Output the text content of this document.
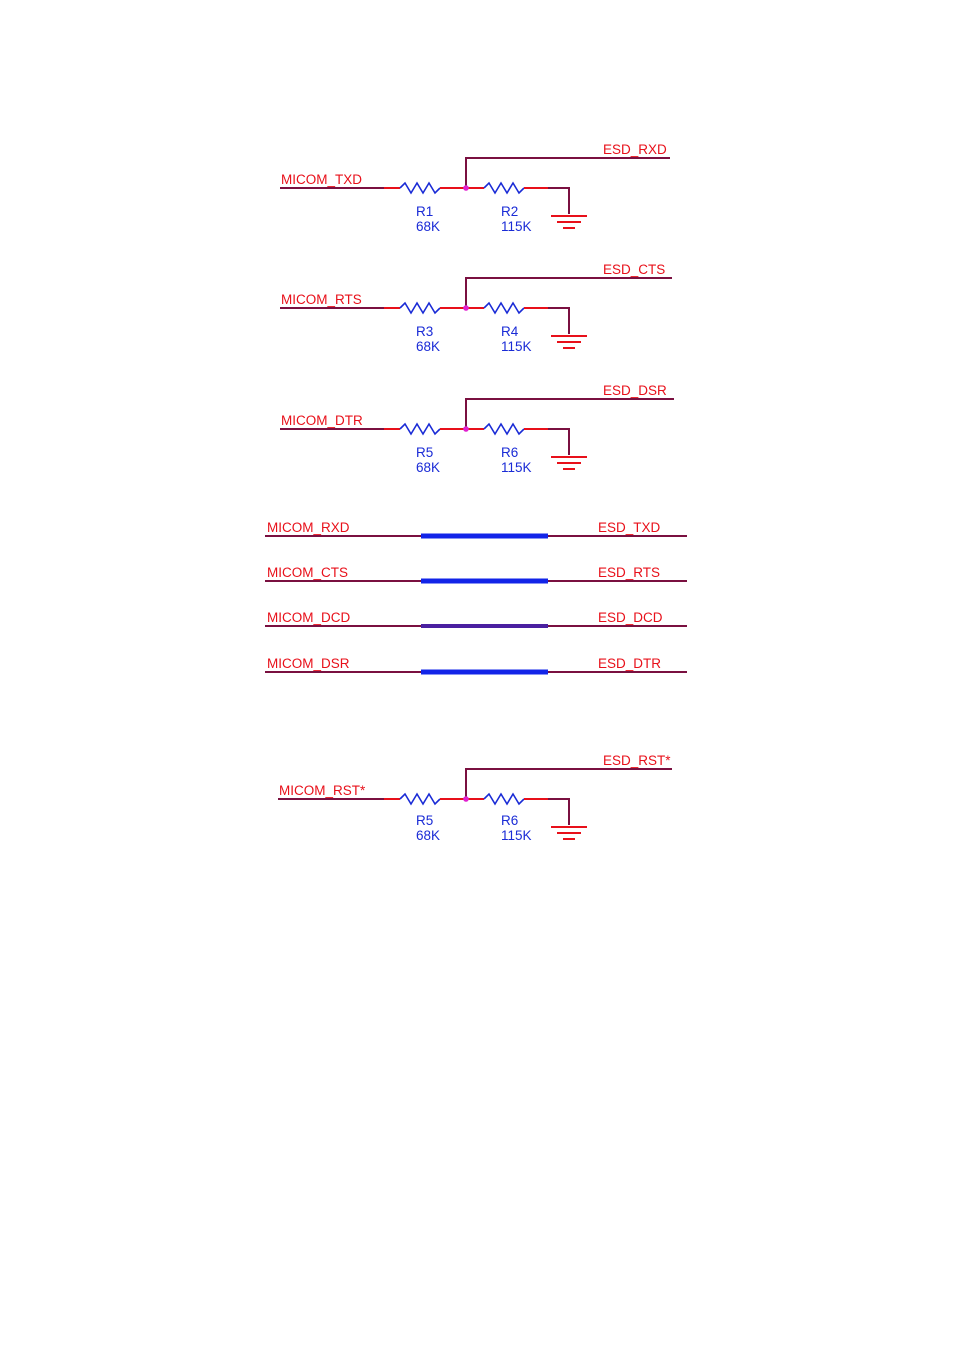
MICOM_TXD
ESD_RXD
R1
68K
R2
115K
MICOM_RTS
ESD_CTS
R3
68K
R4
115K
MICOM_DTR
ESD_DSR
R5
68K
R6
115K
MICOM_RXD	ESD_TXD
MICOM_CTS	ESD_RTS
MICOM_DCD	ESD_DCD
MICOM_DSR	ESD_DTR
MICOM_RST*
ESD_RST*
R5
68K
R6
115K
